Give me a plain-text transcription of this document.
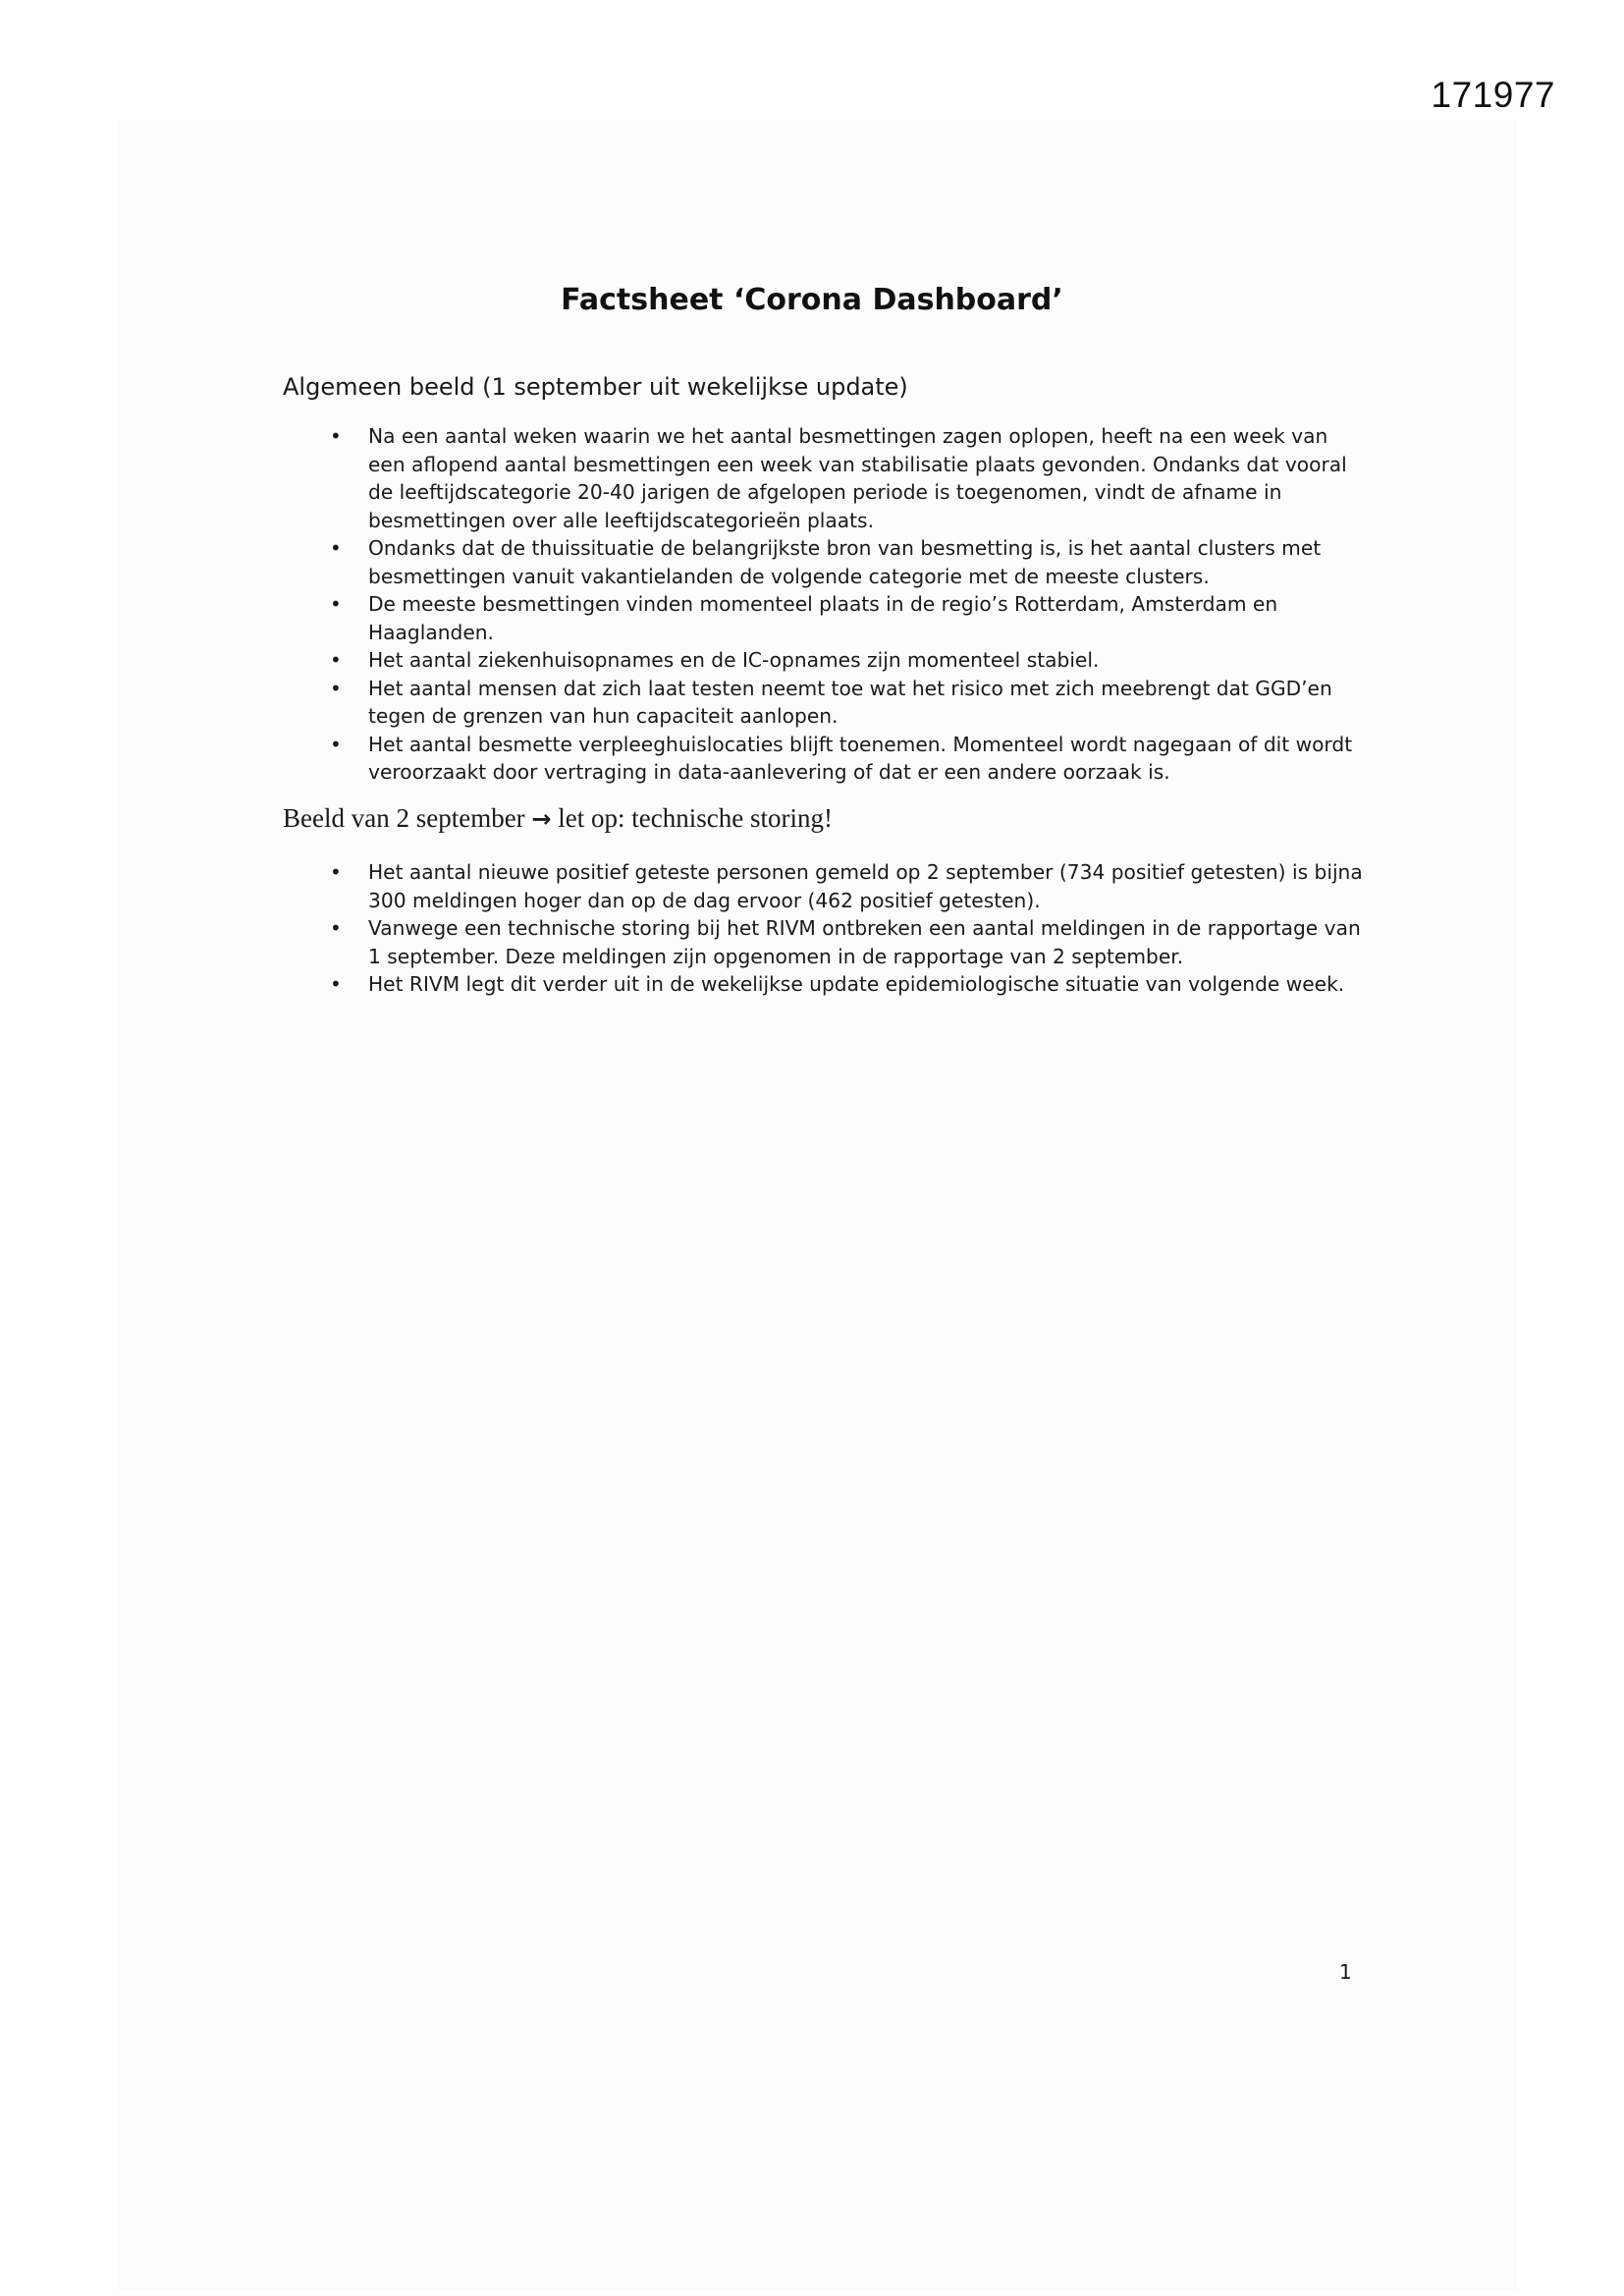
171977
Factsheet ‘Corona Dashboard’
Algemeen beeld (1 september uit wekelijkse update)
• Na een aantal weken waarin we het aantal besmettingen zagen oplopen, heeft na een week van een aflopend aantal besmettingen een week van stabilisatie plaats gevonden. Ondanks dat vooral de leeftijdscategorie 20-40 jarigen de afgelopen periode is toegenomen, vindt de afname in besmettingen over alle leeftijdscategorieën plaats.
• Ondanks dat de thuissituatie de belangrijkste bron van besmetting is, is het aantal clusters met besmettingen vanuit vakantielanden de volgende categorie met de meeste clusters.
• De meeste besmettingen vinden momenteel plaats in de regio’s Rotterdam, Amsterdam en Haaglanden.
• Het aantal ziekenhuisopnames en de IC-opnames zijn momenteel stabiel.
• Het aantal mensen dat zich laat testen neemt toe wat het risico met zich meebrengt dat GGD’en tegen de grenzen van hun capaciteit aanlopen.
• Het aantal besmette verpleeghuislocaties blijft toenemen. Momenteel wordt nagegaan of dit wordt veroorzaakt door vertraging in data-aanlevering of dat er een andere oorzaak is.
Beeld van 2 september → let op: technische storing!
• Het aantal nieuwe positief geteste personen gemeld op 2 september (734 positief getesten) is bijna 300 meldingen hoger dan op de dag ervoor (462 positief getesten).
• Vanwege een technische storing bij het RIVM ontbreken een aantal meldingen in de rapportage van 1 september. Deze meldingen zijn opgenomen in de rapportage van 2 september.
• Het RIVM legt dit verder uit in de wekelijkse update epidemiologische situatie van volgende week.
1
